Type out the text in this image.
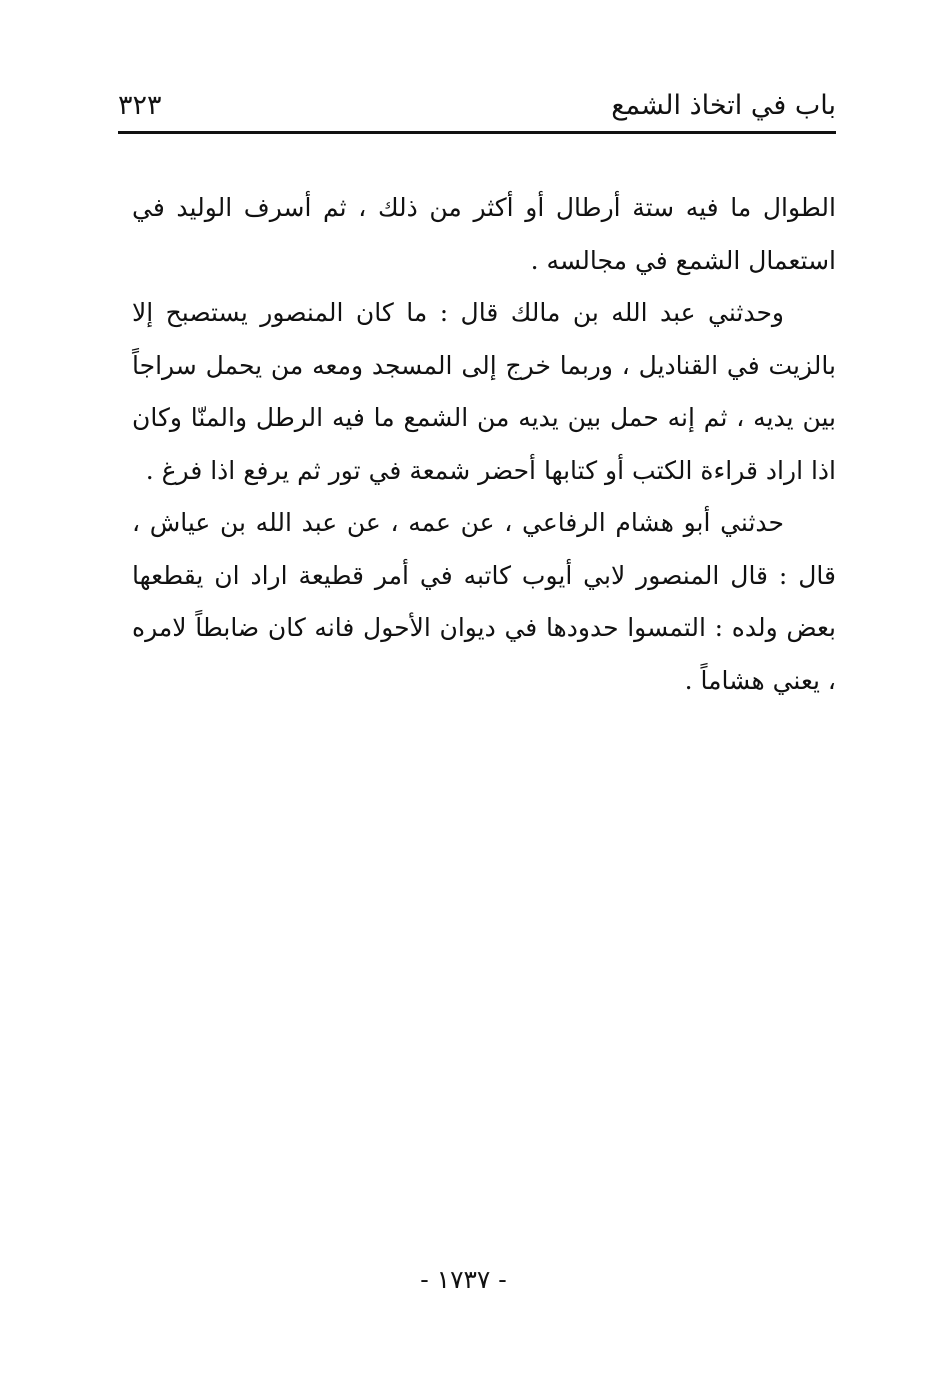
باب في اتخاذ الشمع
٣٢٣

الطوال ما فيه ستة أرطال أو أكثر من ذلك ، ثم أسرف الوليد في استعمال الشمع في مجالسه .

وحدثني عبد الله بن مالك قال : ما كان المنصور يستصبح إلا بالزيت في القناديل ، وربما خرج إلى المسجد ومعه من يحمل سراجاً بين يديه ، ثم إنه حمل بين يديه من الشمع ما فيه الرطل والمنّا وكان اذا اراد قراءة الكتب أو كتابها أحضر شمعة في تور ثم يرفع اذا فرغ .

حدثني أبو هشام الرفاعي ، عن عمه ، عن عبد الله بن عياش ، قال : قال المنصور لابي أيوب كاتبه في أمر قطيعة اراد ان يقطعها بعض ولده : التمسوا حدودها في ديوان الأحول فانه كان ضابطاً لامره ، يعني هشاماً .

- ١٧٣٧ -
